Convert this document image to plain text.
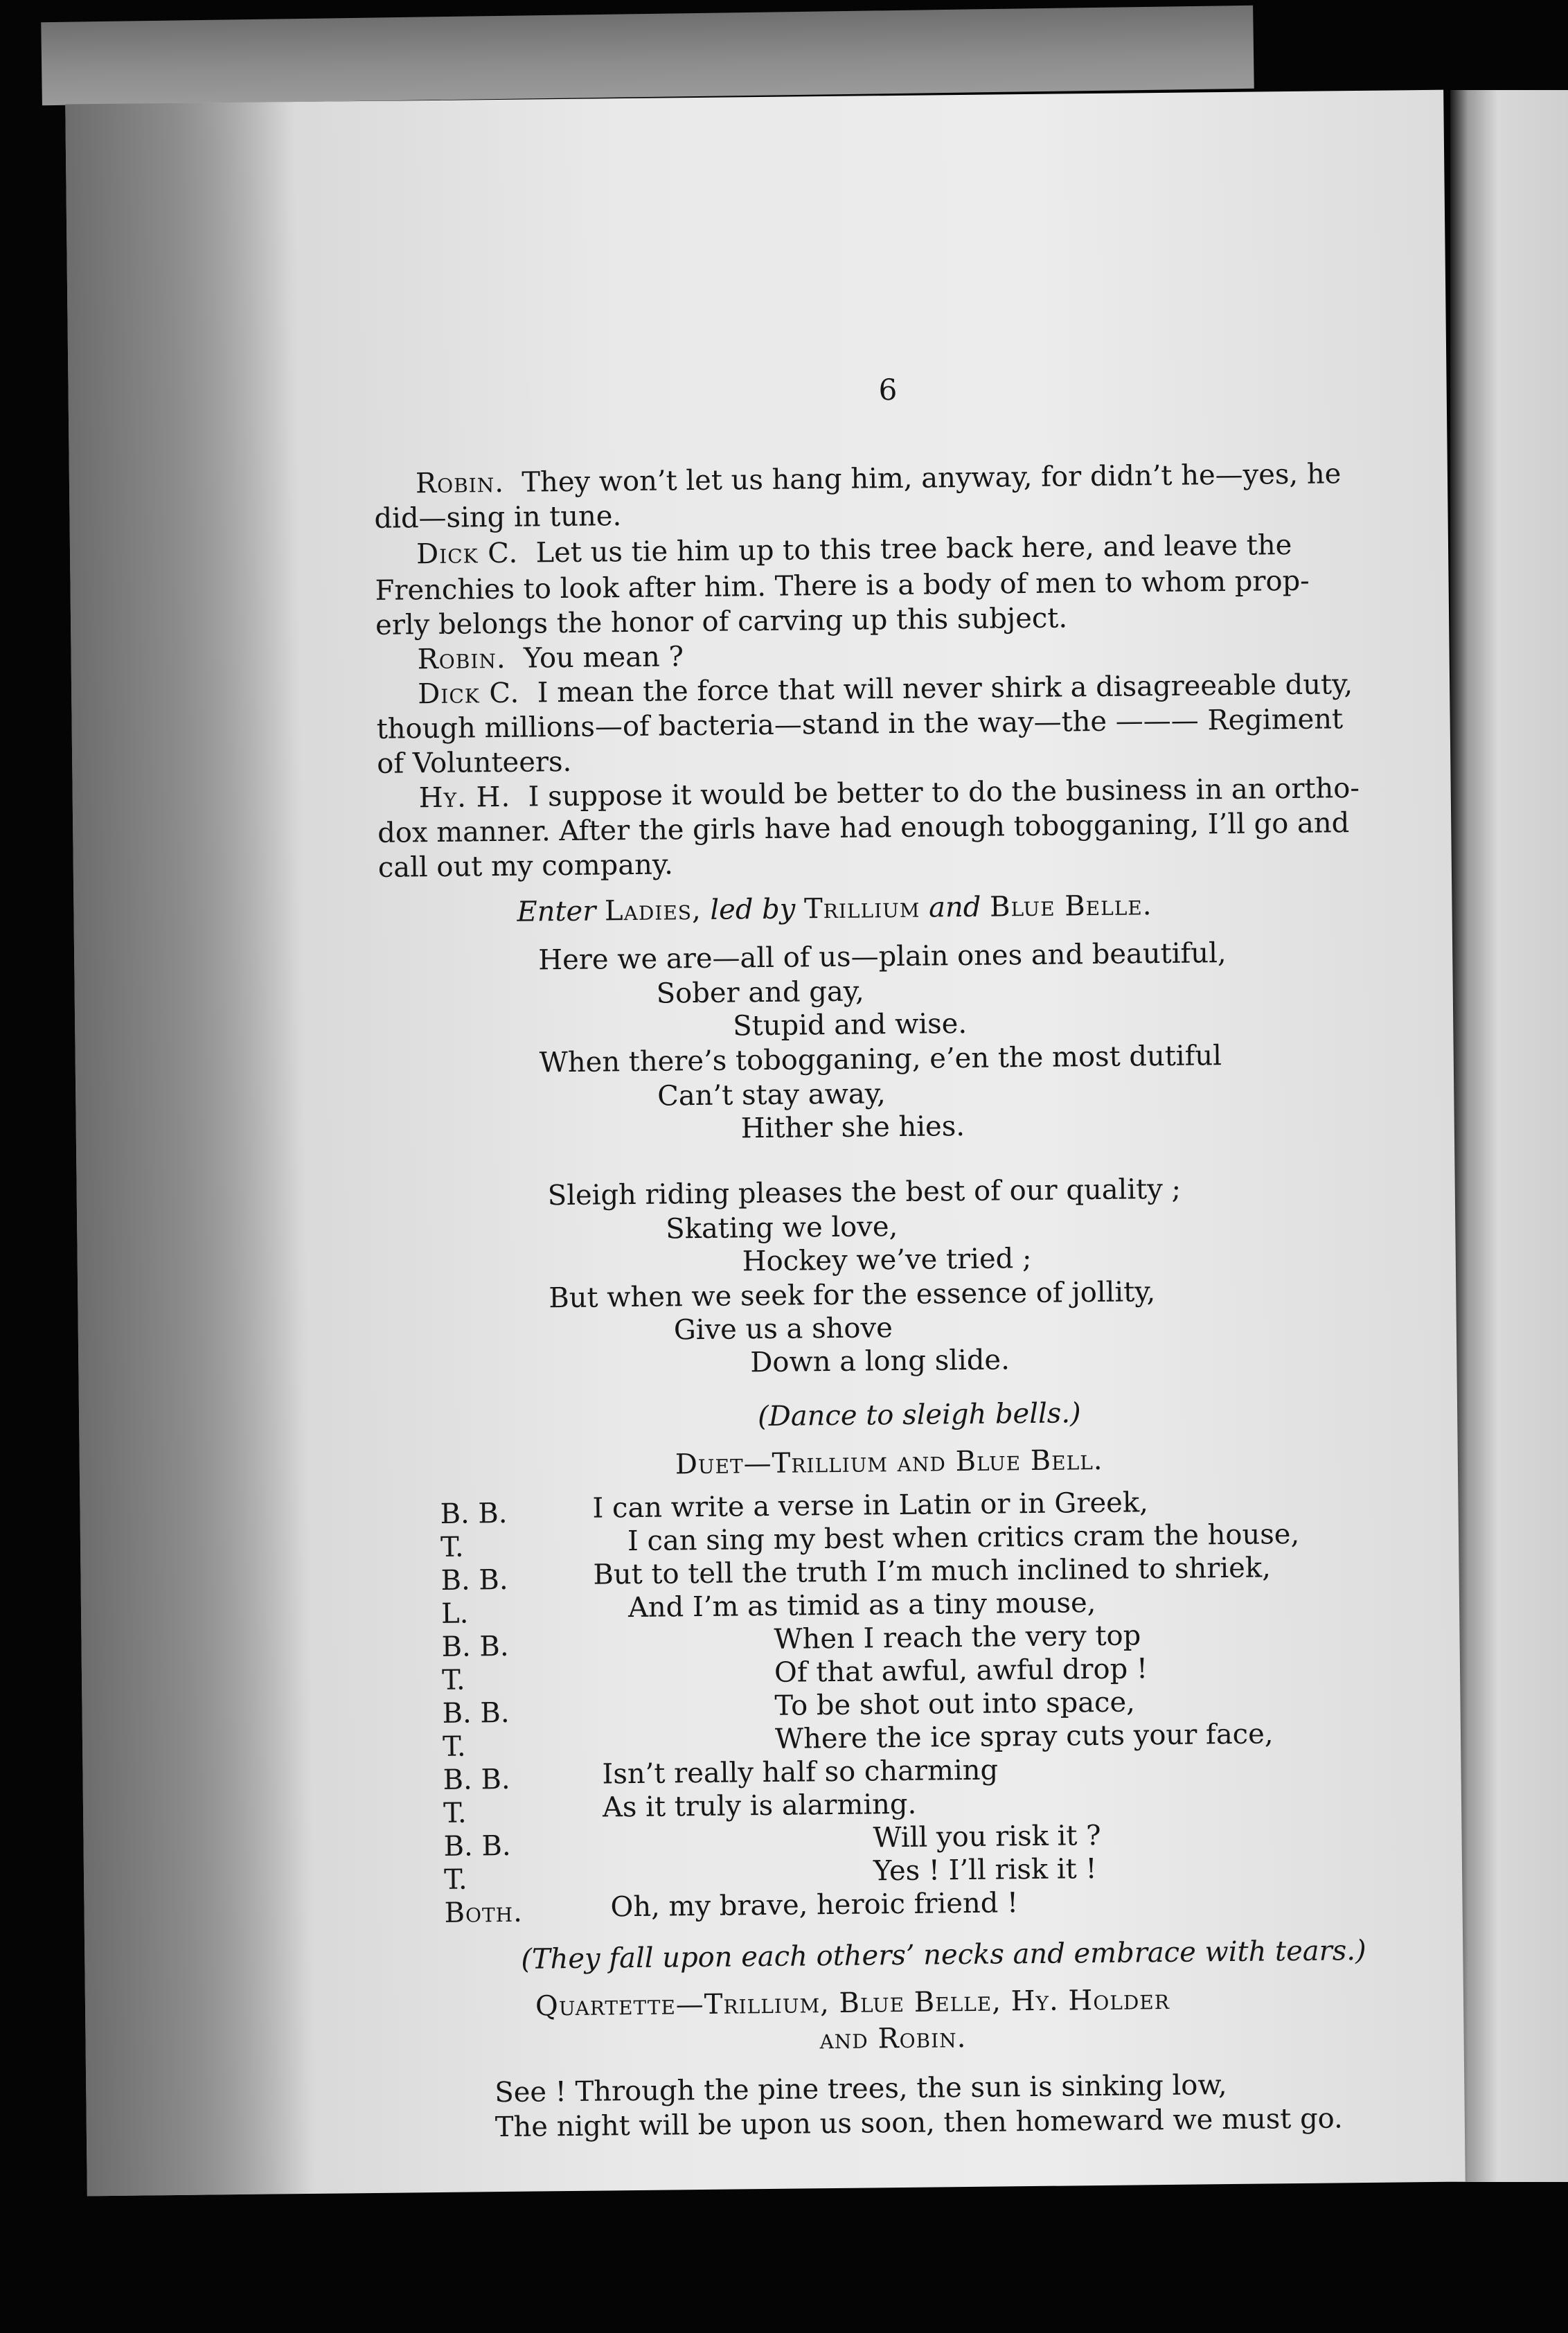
6
Robin. They won’t let us hang him, anyway, for didn’t he—yes, he
did—sing in tune.
Dick C. Let us tie him up to this tree back here, and leave the
Frenchies to look after him. There is a body of men to whom prop-
erly belongs the honor of carving up this subject.
Robin. You mean ?
Dick C. I mean the force that will never shirk a disagreeable duty,
though millions—of bacteria—stand in the way—the ——— Regiment
of Volunteers.
Hy. H. I suppose it would be better to do the business in an ortho-
dox manner. After the girls have had enough tobogganing, I’ll go and
call out my company.
Enter Ladies, led by Trillium and Blue Belle.
Here we are—all of us—plain ones and beautiful,
Sober and gay,
Stupid and wise.
When there’s tobogganing, e’en the most dutiful
Can’t stay away,
Hither she hies.
Sleigh riding pleases the best of our quality ;
Skating we love,
Hockey we’ve tried ;
But when we seek for the essence of jollity,
Give us a shove
Down a long slide.
(Dance to sleigh bells.)
Duet—Trillium and Blue Bell.
B. B.	I can write a verse in Latin or in Greek,
T.	I can sing my best when critics cram the house,
B. B.	But to tell the truth I’m much inclined to shriek,
L.	And I’m as timid as a tiny mouse,
B. B.	When I reach the very top
T.	Of that awful, awful drop !
B. B.	To be shot out into space,
T.	Where the ice spray cuts your face,
B. B.	Isn’t really half so charming
T.	As it truly is alarming.
B. B.	Will you risk it ?
T.	Yes ! I’ll risk it !
Both.	Oh, my brave, heroic friend !
(They fall upon each others’ necks and embrace with tears.)
Quartette—Trillium, Blue Belle, Hy. Holder
and Robin.
See ! Through the pine trees, the sun is sinking low,
The night will be upon us soon, then homeward we must go.
